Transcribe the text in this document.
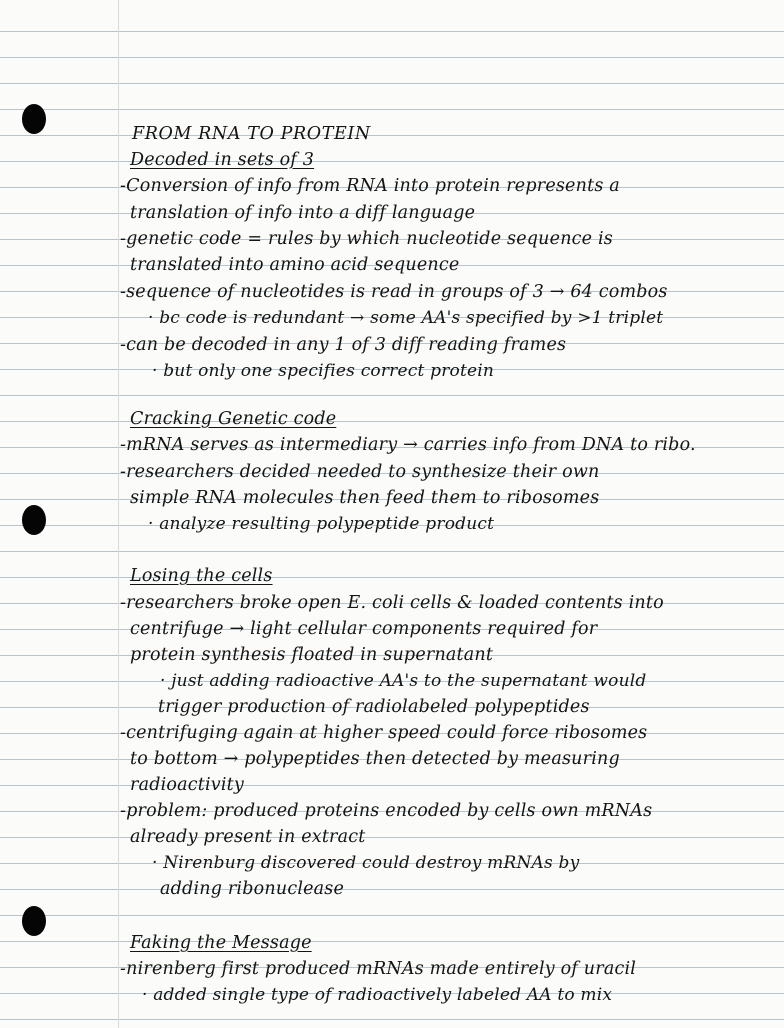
FROM RNA TO PROTEIN
Decoded in sets of 3
-Conversion of info from RNA into protein represents a
translation of info into a diff language
-genetic code = rules by which nucleotide sequence is
translated into amino acid sequence
-sequence of nucleotides is read in groups of 3 → 64 combos
· bc code is redundant → some AA's specified by >1 triplet
-can be decoded in any 1 of 3 diff reading frames
· but only one specifies correct protein
Cracking Genetic code
-mRNA serves as intermediary → carries info from DNA to ribo.
-researchers decided needed to synthesize their own
simple RNA molecules then feed them to ribosomes
· analyze resulting polypeptide product
Losing the cells
-researchers broke open E. coli cells & loaded contents into
centrifuge → light cellular components required for
protein synthesis floated in supernatant
· just adding radioactive AA's to the supernatant would
trigger production of radiolabeled polypeptides
-centrifuging again at higher speed could force ribosomes
to bottom → polypeptides then detected by measuring
radioactivity
-problem: produced proteins encoded by cells own mRNAs
already present in extract
· Nirenburg discovered could destroy mRNAs by
adding ribonuclease
Faking the Message
-nirenberg first produced mRNAs made entirely of uracil
· added single type of radioactively labeled AA to mix
